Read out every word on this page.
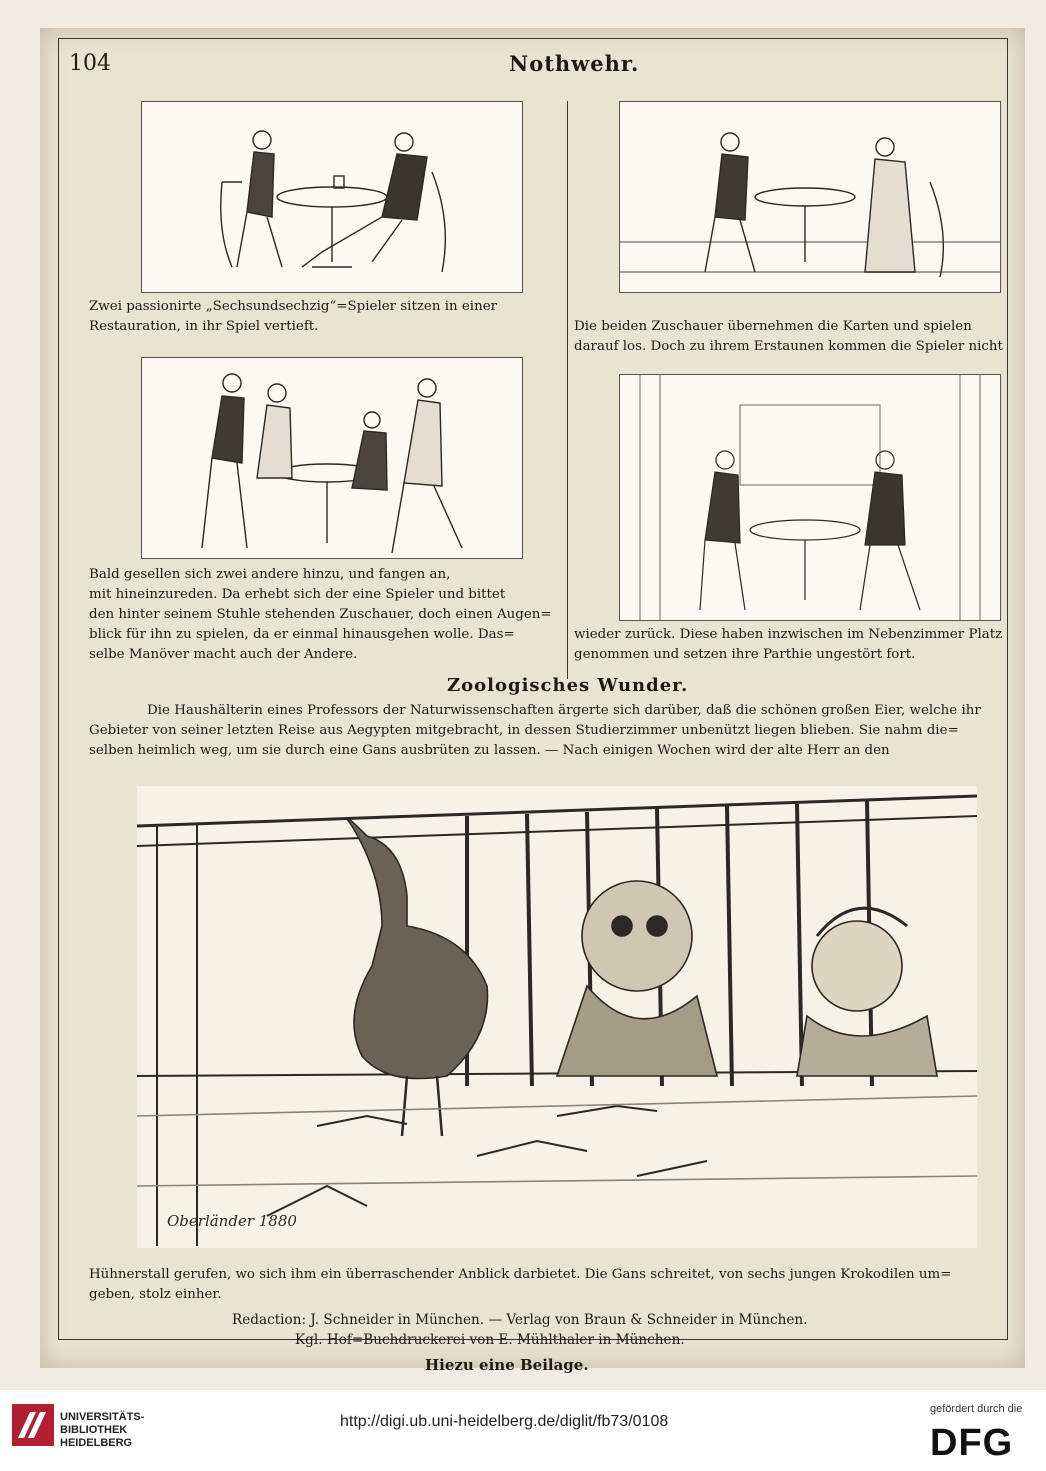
104	Nothwehr.
Zwei passionirte „Sechsundsechzig“=Spieler sitzen in einer
Restauration, in ihr Spiel vertieft.	Die beiden Zuschauer übernehmen die Karten und spielen
darauf los. Doch zu ihrem Erstaunen kommen die Spieler nicht
Bald gesellen sich zwei andere hinzu, und fangen an,
mit hineinzureden. Da erhebt sich der eine Spieler und bittet
den hinter seinem Stuhle stehenden Zuschauer, doch einen Augen=
blick für ihn zu spielen, da er einmal hinausgehen wolle. Das=
selbe Manöver macht auch der Andere.
wieder zurück. Diese haben inzwischen im Nebenzimmer Platz
genommen und setzen ihre Parthie ungestört fort.
Zoologisches Wunder.
Die Haushälterin eines Professors der Naturwissenschaften ärgerte sich darüber, daß die schönen großen Eier, welche ihr
Gebieter von seiner letzten Reise aus Aegypten mitgebracht, in dessen Studierzimmer unbenützt liegen blieben. Sie nahm die=
selben heimlich weg, um sie durch eine Gans ausbrüten zu lassen. — Nach einigen Wochen wird der alte Herr an den
Oberländer 1880
Hühnerstall gerufen, wo sich ihm ein überraschender Anblick darbietet. Die Gans schreitet, von sechs jungen Krokodilen um=
geben, stolz einher.
Redaction: J. Schneider in München. — Verlag von Braun & Schneider in München.
Kgl. Hof=Buchdruckerei von E. Mühlthaler in München.
Hiezu eine Beilage.
UNIVERSITÄTS-
BIBLIOTHEK
HEIDELBERG
http://digi.ub.uni-heidelberg.de/diglit/fb73/0108
gefördert durch die
DFG
